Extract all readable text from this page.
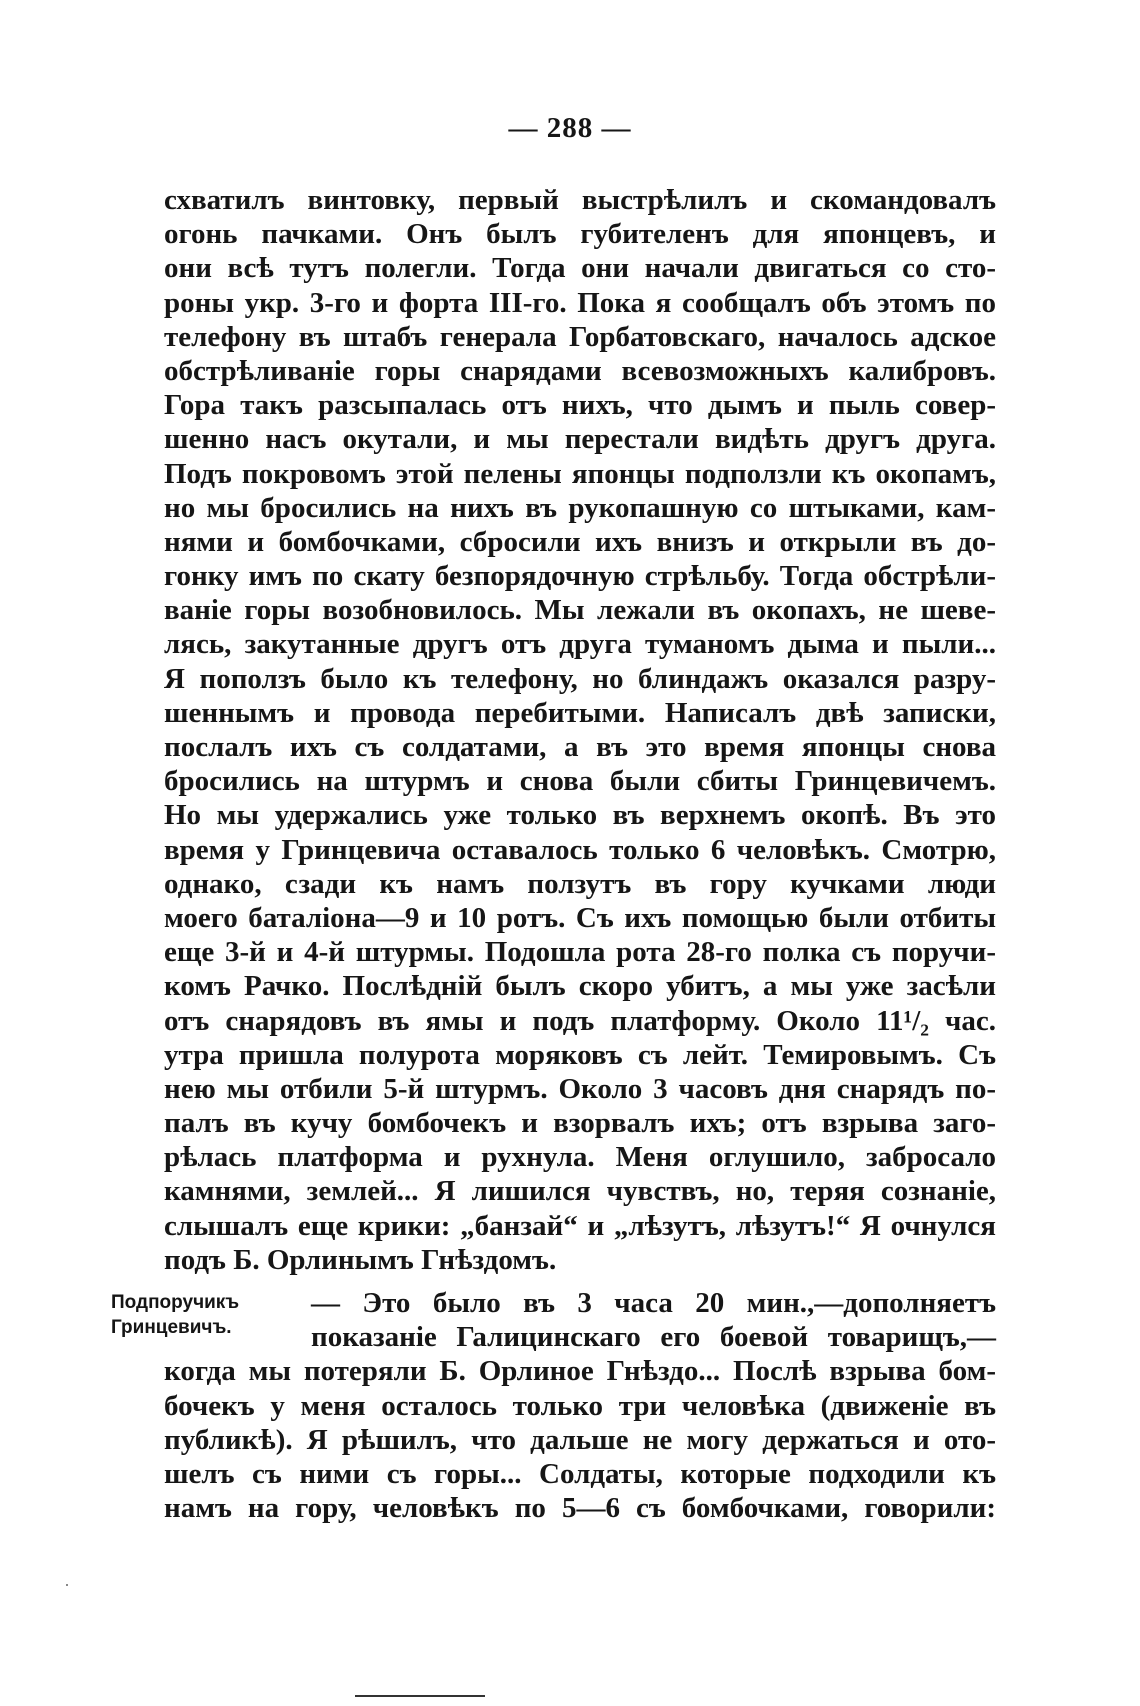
— 288 —
схватилъ винтовку, первый выстрѣлилъ и скомандовалъ
огонь пачками. Онъ былъ губителенъ для японцевъ, и
они всѣ тутъ полегли. Тогда они начали двигаться со сто-
роны укр. 3-го и форта III-го. Пока я сообщалъ объ этомъ по
телефону въ штабъ генерала Горбатовскаго, началось адское
обстрѣливанiе горы снарядами всевозможныхъ калибровъ.
Гора такъ разсыпалась отъ нихъ, что дымъ и пыль совер-
шенно насъ окутали, и мы перестали видѣть другъ друга.
Подъ покровомъ этой пелены японцы подползли къ окопамъ,
но мы бросились на нихъ въ рукопашную со штыками, кам-
нями и бомбочками, сбросили ихъ внизъ и открыли въ до-
гонку имъ по скату безпорядочную стрѣльбу. Тогда обстрѣли-
ванiе горы возобновилось. Мы лежали въ окопахъ, не шеве-
лясь, закутанные другъ отъ друга туманомъ дыма и пыли...
Я поползъ было къ телефону, но блиндажъ оказался разру-
шеннымъ и провода перебитыми. Написалъ двѣ записки,
послалъ ихъ съ солдатами, а въ это время японцы снова
бросились на штурмъ и снова были сбиты Гринцевичемъ.
Но мы удержались уже только въ верхнемъ окопѣ. Въ это
время у Гринцевича оставалось только 6 человѣкъ. Смотрю,
однако, сзади къ намъ ползутъ въ гору кучками люди
моего баталiона—9 и 10 ротъ. Съ ихъ помощью были отбиты
еще 3-й и 4-й штурмы. Подошла рота 28-го полка съ поручи-
комъ Рачко. Послѣднiй былъ скоро убитъ, а мы уже засѣли
отъ снарядовъ въ ямы и подъ платформу. Около 11¹/₂ час.
утра пришла полурота моряковъ съ лейт. Темировымъ. Съ
нею мы отбили 5-й штурмъ. Около 3 часовъ дня снарядъ по-
палъ въ кучу бомбочекъ и взорвалъ ихъ; отъ взрыва заго-
рѣлась платформа и рухнула. Меня оглушило, забросало
камнями, землей... Я лишился чувствъ, но, теряя сознанiе,
слышалъ еще крики: „банзай“ и „лѣзутъ, лѣзутъ!“ Я очнулся
подъ Б. Орлинымъ Гнѣздомъ.
Подпоручикъ
Гринцевичъ.
— Это было въ 3 часа 20 мин.,—дополняетъ
показанiе Галицинскаго его боевой товарищъ,—
когда мы потеряли Б. Орлиное Гнѣздо... Послѣ взрыва бом-
бочекъ у меня осталось только три человѣка (движенiе въ
публикѣ). Я рѣшилъ, что дальше не могу держаться и ото-
шелъ съ ними съ горы... Солдаты, которые подходили къ
намъ на гору, человѣкъ по 5—6 съ бомбочками, говорили:
